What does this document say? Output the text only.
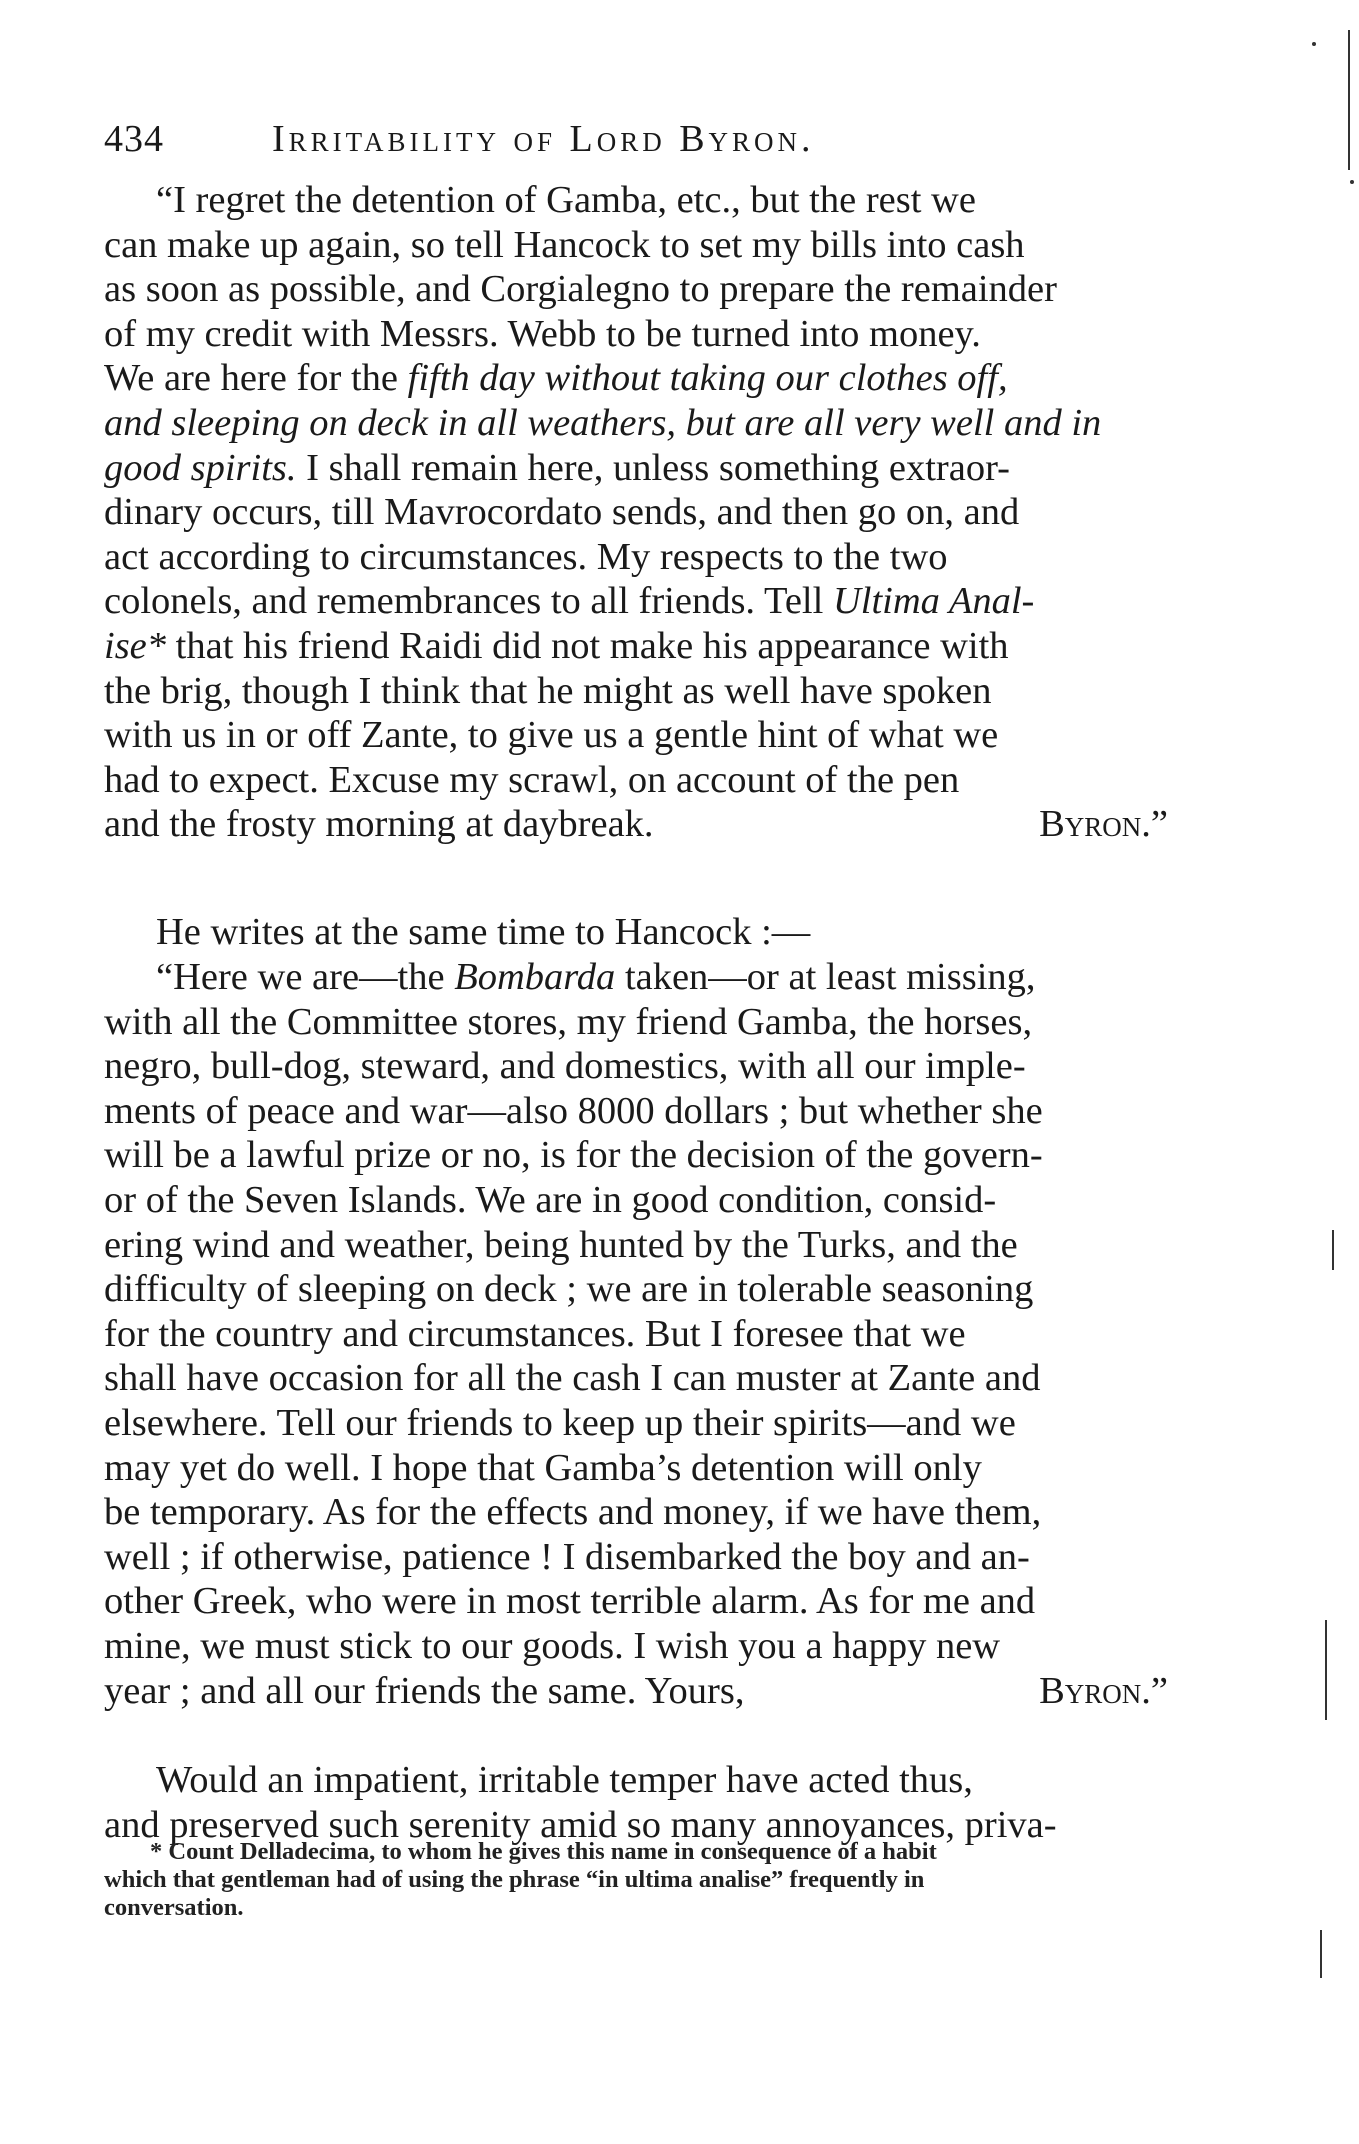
434	Irritability of Lord Byron.
“I regret the detention of Gamba, etc., but the rest we
can make up again, so tell Hancock to set my bills into cash
as soon as possible, and Corgialegno to prepare the remainder
of my credit with Messrs. Webb to be turned into money.
We are here for the fifth day without taking our clothes off,
and sleeping on deck in all weathers, but are all very well and in
good spirits. I shall remain here, unless something extraor-
dinary occurs, till Mavrocordato sends, and then go on, and
act according to circumstances. My respects to the two
colonels, and remembrances to all friends. Tell Ultima Anal-
ise* that his friend Raidi did not make his appearance with
the brig, though I think that he might as well have spoken
with us in or off Zante, to give us a gentle hint of what we
had to expect. Excuse my scrawl, on account of the pen
and the frosty morning at daybreak.	Byron.”
He writes at the same time to Hancock :—
“Here we are—the Bombarda taken—or at least missing,
with all the Committee stores, my friend Gamba, the horses,
negro, bull-dog, steward, and domestics, with all our imple-
ments of peace and war—also 8000 dollars ; but whether she
will be a lawful prize or no, is for the decision of the govern-
or of the Seven Islands. We are in good condition, consid-
ering wind and weather, being hunted by the Turks, and the
difficulty of sleeping on deck ; we are in tolerable seasoning
for the country and circumstances. But I foresee that we
shall have occasion for all the cash I can muster at Zante and
elsewhere. Tell our friends to keep up their spirits—and we
may yet do well. I hope that Gamba’s detention will only
be temporary. As for the effects and money, if we have them,
well ; if otherwise, patience ! I disembarked the boy and an-
other Greek, who were in most terrible alarm. As for me and
mine, we must stick to our goods. I wish you a happy new
year ; and all our friends the same. Yours,	Byron.”
Would an impatient, irritable temper have acted thus,
and preserved such serenity amid so many annoyances, priva-
* Count Delladecima, to whom he gives this name in consequence of a habit
which that gentleman had of using the phrase “in ultima analise” frequently in
conversation.
